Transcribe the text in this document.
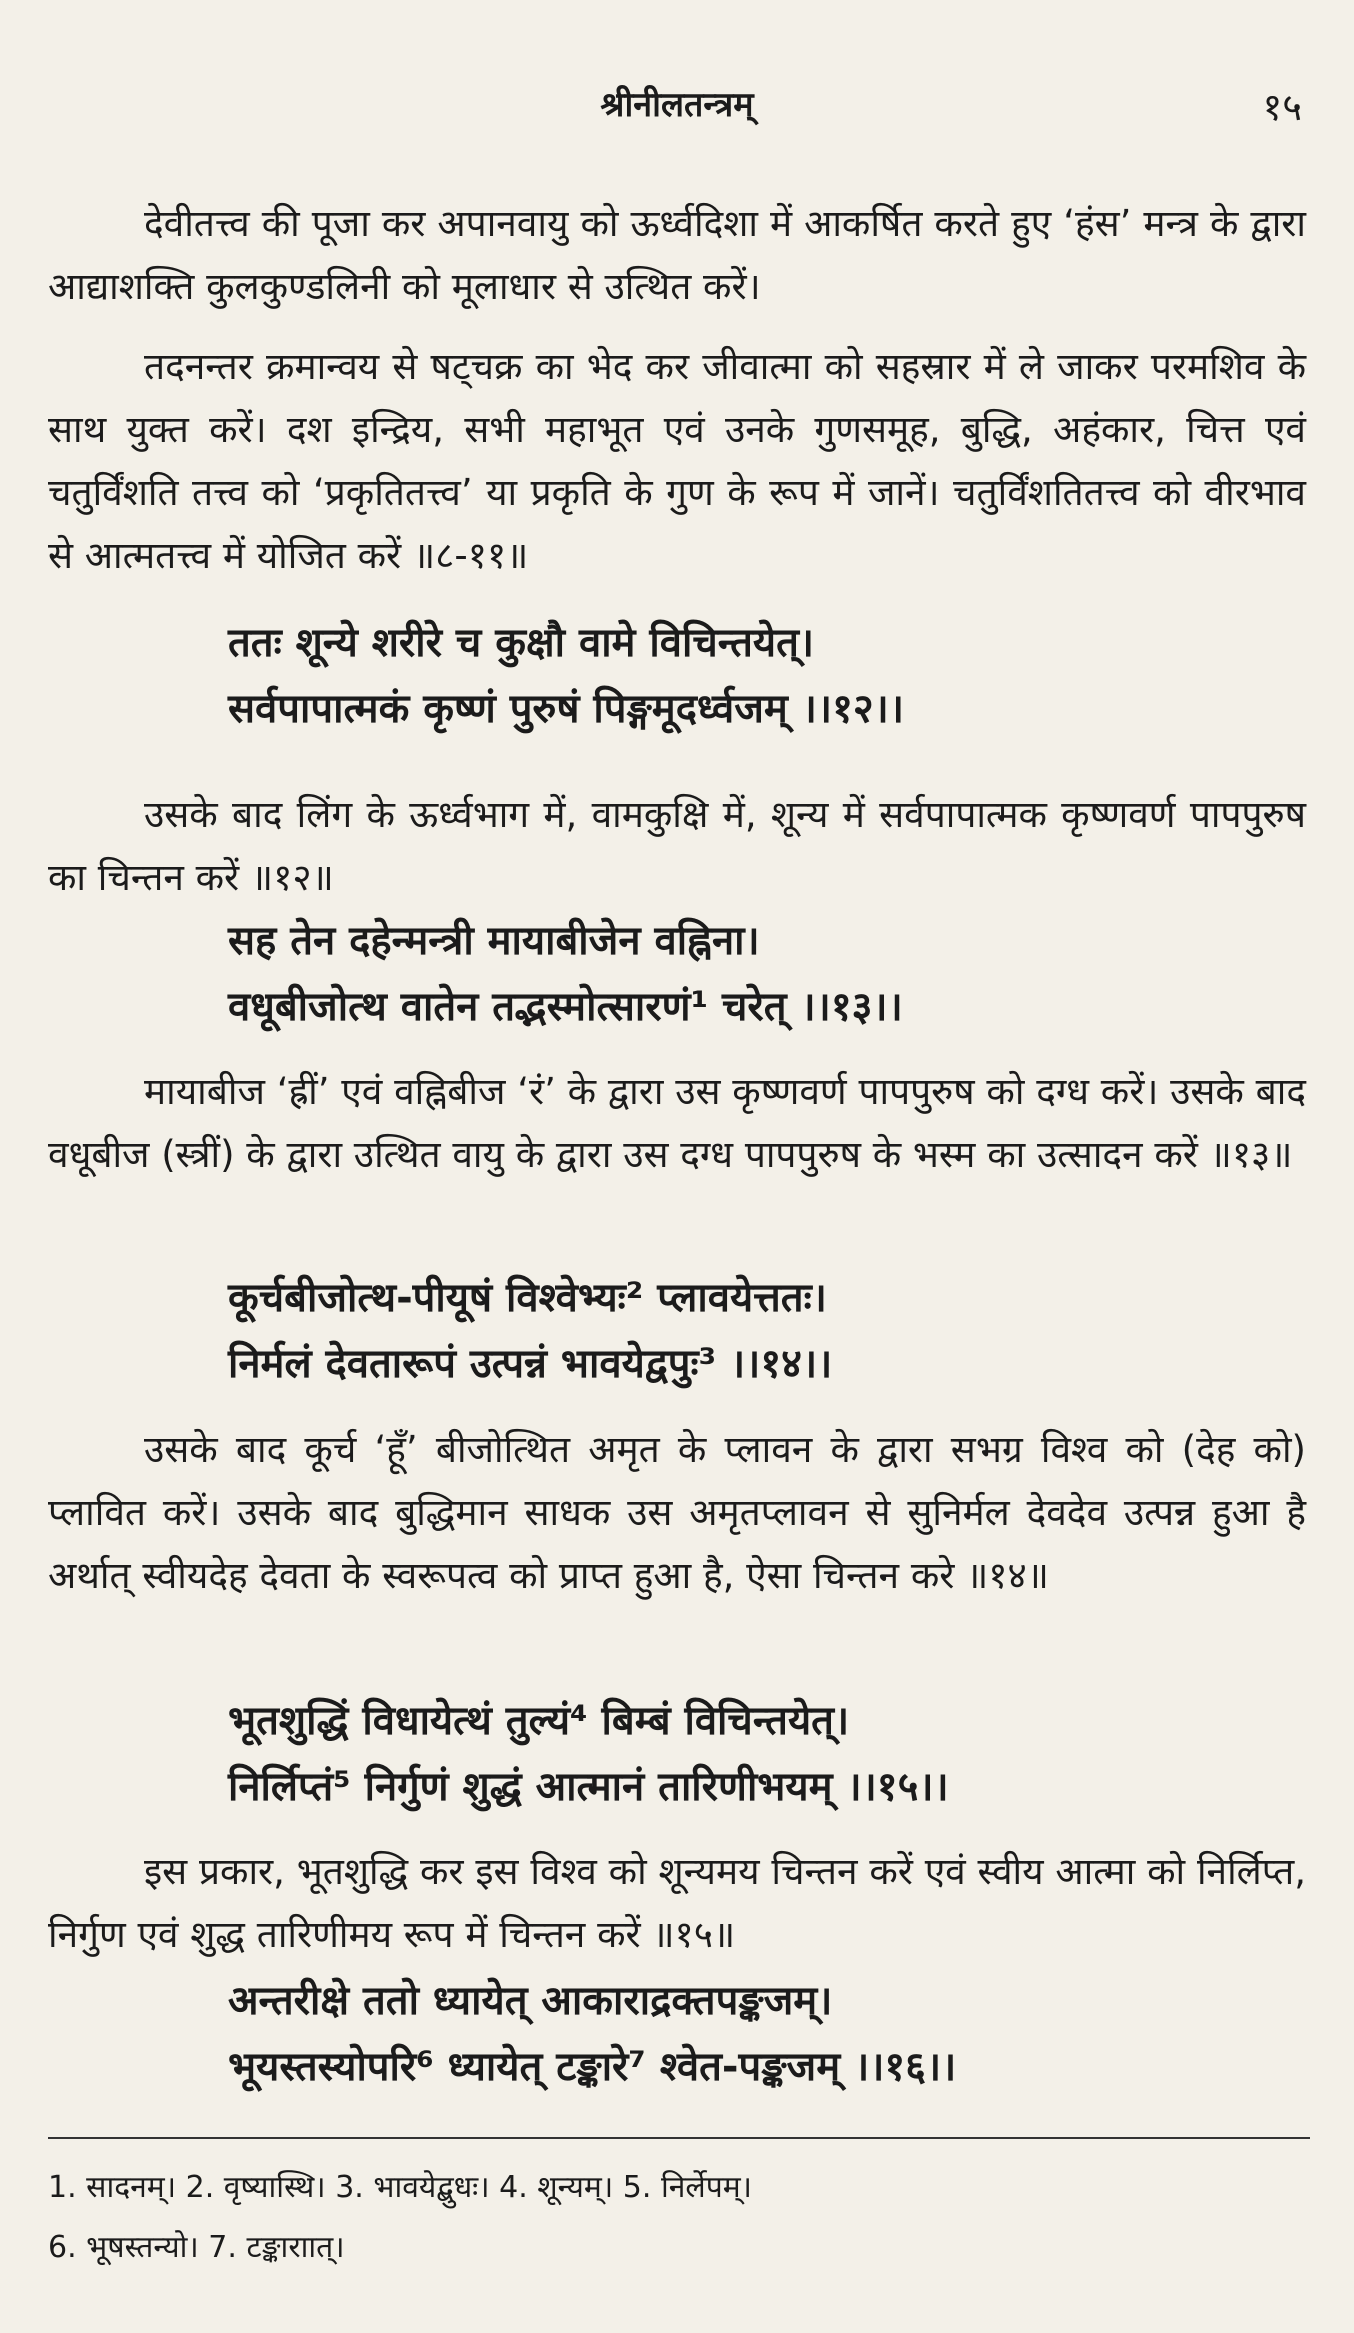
श्रीनीलतन्त्रम्	१५

देवीतत्त्व की पूजा कर अपानवायु को ऊर्ध्वदिशा में आकर्षित करते हुए ‘हंस’ मन्त्र के द्वारा आद्याशक्ति कुलकुण्डलिनी को मूलाधार से उत्थित करें।

तदनन्तर क्रमान्वय से षट्चक्र का भेद कर जीवात्मा को सहस्रार में ले जाकर परमशिव के साथ युक्त करें। दश इन्द्रिय, सभी महाभूत एवं उनके गुणसमूह, बुद्धि, अहंकार, चित्त एवं चतुर्विंशति तत्त्व को ‘प्रकृतितत्त्व’ या प्रकृति के गुण के रूप में जानें। चतुर्विंशतितत्त्व को वीरभाव से आत्मतत्त्व में योजित करें ॥८-११॥

ततः शून्ये शरीरे च कुक्षौ वामे विचिन्तयेत्।
सर्वपापात्मकं कृष्णं पुरुषं पिङ्गमूदर्ध्वजम् ।।१२।।

उसके बाद लिंग के ऊर्ध्वभाग में, वामकुक्षि में, शून्य में सर्वपापात्मक कृष्णवर्ण पापपुरुष का चिन्तन करें ॥१२॥

सह तेन दहेन्मन्त्री मायाबीजेन वह्निना।
वधूबीजोत्थ वातेन तद्भस्मोत्सारणं¹ चरेत् ।।१३।।

मायाबीज ‘ह्रीं’ एवं वह्निबीज ‘रं’ के द्वारा उस कृष्णवर्ण पापपुरुष को दग्ध करें। उसके बाद वधूबीज (स्त्रीं) के द्वारा उत्थित वायु के द्वारा उस दग्ध पापपुरुष के भस्म का उत्सादन करें ॥१३॥

कूर्चबीजोत्थ-पीयूषं विश्वेभ्यः² प्लावयेत्ततः।
निर्मलं देवतारूपं उत्पन्नं भावयेद्वपुः³ ।।१४।।

उसके बाद कूर्च ‘हूँ’ बीजोत्थित अमृत के प्लावन के द्वारा सभग्र विश्व को (देह को) प्लावित करें। उसके बाद बुद्धिमान साधक उस अमृतप्लावन से सुनिर्मल देवदेव उत्पन्न हुआ है अर्थात् स्वीयदेह देवता के स्वरूपत्व को प्राप्त हुआ है, ऐसा चिन्तन करे ॥१४॥

भूतशुद्धिं विधायेत्थं तुल्यं⁴ बिम्बं विचिन्तयेत्।
निर्लिप्तं⁵ निर्गुणं शुद्धं आत्मानं तारिणीभयम् ।।१५।।

इस प्रकार, भूतशुद्धि कर इस विश्व को शून्यमय चिन्तन करें एवं स्वीय आत्मा को निर्लिप्त, निर्गुण एवं शुद्ध तारिणीमय रूप में चिन्तन करें ॥१५॥

अन्तरीक्षे ततो ध्यायेत् आकाराद्रक्तपङ्कजम्।
भूयस्तस्योपरि⁶ ध्यायेत् टङ्कारे⁷ श्वेत-पङ्कजम् ।।१६।।
1. सादनम्। 2. वृष्यास्थि। 3. भावयेद्बुधः। 4. शून्यम्। 5. निर्लेपम्।
6. भूषस्तन्यो। 7. टङ्काराात्।
